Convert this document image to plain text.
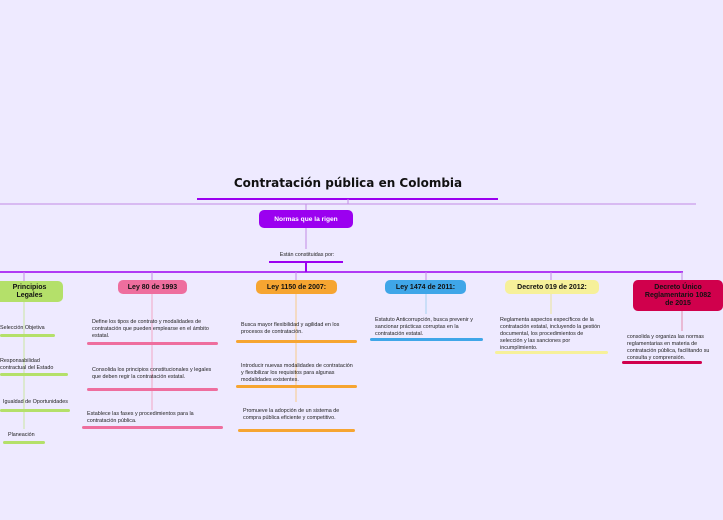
Contratación pública en Colombia
Normas que la rigen
Están constituidas por:
Principios Legales
Selección Objetiva
Responsabilidad contractual del Estado
Igualdad de Oportunidades
Planeación
Ley 80 de 1993
Define los tipos de contrato y modalidades de contratación que pueden emplearse en el ámbito estatal.
Consolida los principios constitucionales y legales que deben regir la contratación estatal.
Establece las fases y procedimientos para la contratación pública.
Ley 1150 de 2007:
Busca mayor flexibilidad y agilidad en los procesos de contratación.
Introducir nuevas modalidades de contratación y flexibilizar los requisitos para algunas modalidades existentes.
Promueve la adopción de un sistema de compra pública eficiente y competitivo.
Ley 1474 de 2011:
Estatuto Anticorrupción, busca prevenir y sancionar prácticas corruptas en la contratación estatal.
Decreto 019 de 2012:
Reglamenta aspectos específicos de la contratación estatal, incluyendo la gestión documental, los procedimientos de selección y las sanciones por incumplimiento.
Decreto Único Reglamentario 1082 de 2015
consolida y organiza las normas reglamentarias en materia de contratación pública, facilitando su consulta y comprensión.
